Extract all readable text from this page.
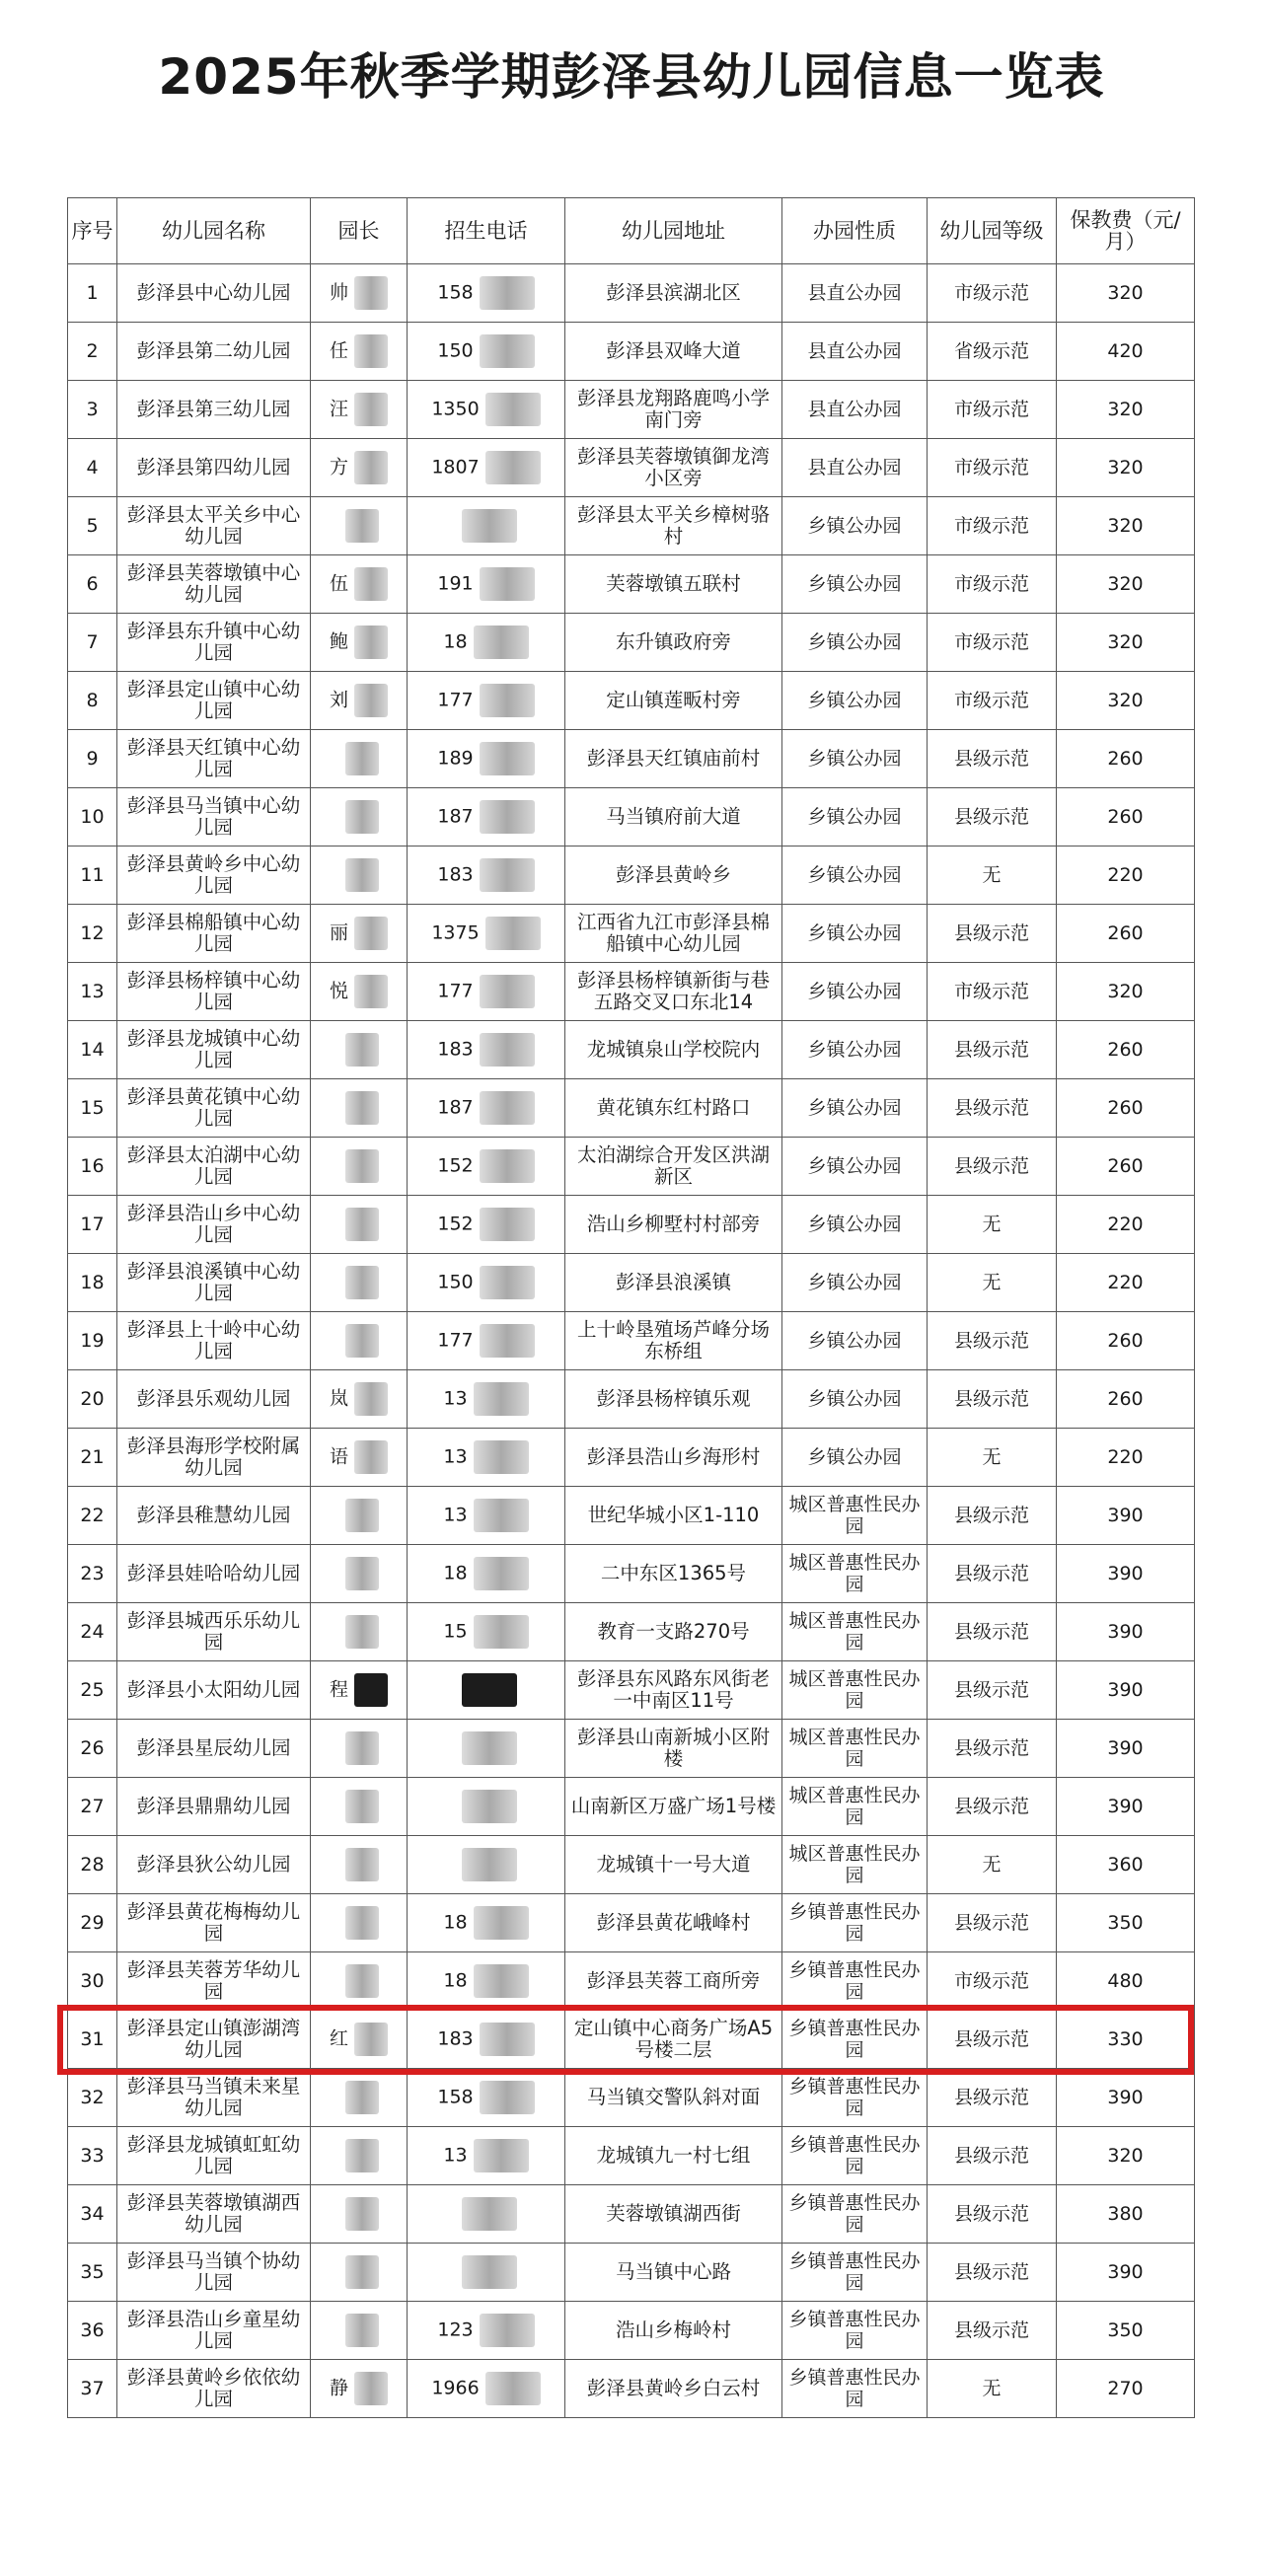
2025年秋季学期彭泽县幼儿园信息一览表
序号	幼儿园名称	园长	招生电话	幼儿园地址	办园性质	幼儿园等级	保教费（元/月）
1	彭泽县中心幼儿园	帅	158	彭泽县滨湖北区	县直公办园	市级示范	320
2	彭泽县第二幼儿园	任	150	彭泽县双峰大道	县直公办园	省级示范	420
3	彭泽县第三幼儿园	汪	1350	彭泽县龙翔路鹿鸣小学南门旁	县直公办园	市级示范	320
4	彭泽县第四幼儿园	方	1807	彭泽县芙蓉墩镇御龙湾小区旁	县直公办园	市级示范	320
5	彭泽县太平关乡中心幼儿园			彭泽县太平关乡樟树骆村	乡镇公办园	市级示范	320
6	彭泽县芙蓉墩镇中心幼儿园	伍	191	芙蓉墩镇五联村	乡镇公办园	市级示范	320
7	彭泽县东升镇中心幼儿园	鲍	18	东升镇政府旁	乡镇公办园	市级示范	320
8	彭泽县定山镇中心幼儿园	刘	177	定山镇莲畈村旁	乡镇公办园	市级示范	320
9	彭泽县天红镇中心幼儿园		189	彭泽县天红镇庙前村	乡镇公办园	县级示范	260
10	彭泽县马当镇中心幼儿园		187	马当镇府前大道	乡镇公办园	县级示范	260
11	彭泽县黄岭乡中心幼儿园		183	彭泽县黄岭乡	乡镇公办园	无	220
12	彭泽县棉船镇中心幼儿园	丽	1375	江西省九江市彭泽县棉船镇中心幼儿园	乡镇公办园	县级示范	260
13	彭泽县杨梓镇中心幼儿园	悦	177	彭泽县杨梓镇新街与巷五路交叉口东北14	乡镇公办园	市级示范	320
14	彭泽县龙城镇中心幼儿园		183	龙城镇泉山学校院内	乡镇公办园	县级示范	260
15	彭泽县黄花镇中心幼儿园		187	黄花镇东红村路口	乡镇公办园	县级示范	260
16	彭泽县太泊湖中心幼儿园		152	太泊湖综合开发区洪湖新区	乡镇公办园	县级示范	260
17	彭泽县浩山乡中心幼儿园		152	浩山乡柳墅村村部旁	乡镇公办园	无	220
18	彭泽县浪溪镇中心幼儿园		150	彭泽县浪溪镇	乡镇公办园	无	220
19	彭泽县上十岭中心幼儿园		177	上十岭垦殖场芦峰分场东桥组	乡镇公办园	县级示范	260
20	彭泽县乐观幼儿园	岚	13	彭泽县杨梓镇乐观	乡镇公办园	县级示范	260
21	彭泽县海形学校附属幼儿园	语	13	彭泽县浩山乡海形村	乡镇公办园	无	220
22	彭泽县稚慧幼儿园		13	世纪华城小区1-110	城区普惠性民办园	县级示范	390
23	彭泽县娃哈哈幼儿园		18	二中东区1365号	城区普惠性民办园	县级示范	390
24	彭泽县城西乐乐幼儿园		15	教育一支路270号	城区普惠性民办园	县级示范	390
25	彭泽县小太阳幼儿园	程		彭泽县东风路东风街老一中南区11号	城区普惠性民办园	县级示范	390
26	彭泽县星辰幼儿园			彭泽县山南新城小区附楼	城区普惠性民办园	县级示范	390
27	彭泽县鼎鼎幼儿园			山南新区万盛广场1号楼	城区普惠性民办园	县级示范	390
28	彭泽县狄公幼儿园			龙城镇十一号大道	城区普惠性民办园	无	360
29	彭泽县黄花梅梅幼儿园		18	彭泽县黄花峨峰村	乡镇普惠性民办园	县级示范	350
30	彭泽县芙蓉芳华幼儿园		18	彭泽县芙蓉工商所旁	乡镇普惠性民办园	市级示范	480
31	彭泽县定山镇澎湖湾幼儿园	红	183	定山镇中心商务广场A5号楼二层	乡镇普惠性民办园	县级示范	330
32	彭泽县马当镇未来星幼儿园		158	马当镇交警队斜对面	乡镇普惠性民办园	县级示范	390
33	彭泽县龙城镇虹虹幼儿园		13	龙城镇九一村七组	乡镇普惠性民办园	县级示范	320
34	彭泽县芙蓉墩镇湖西幼儿园			芙蓉墩镇湖西街	乡镇普惠性民办园	县级示范	380
35	彭泽县马当镇个协幼儿园			马当镇中心路	乡镇普惠性民办园	县级示范	390
36	彭泽县浩山乡童星幼儿园		123	浩山乡梅岭村	乡镇普惠性民办园	县级示范	350
37	彭泽县黄岭乡依依幼儿园	静	1966	彭泽县黄岭乡白云村	乡镇普惠性民办园	无	270
